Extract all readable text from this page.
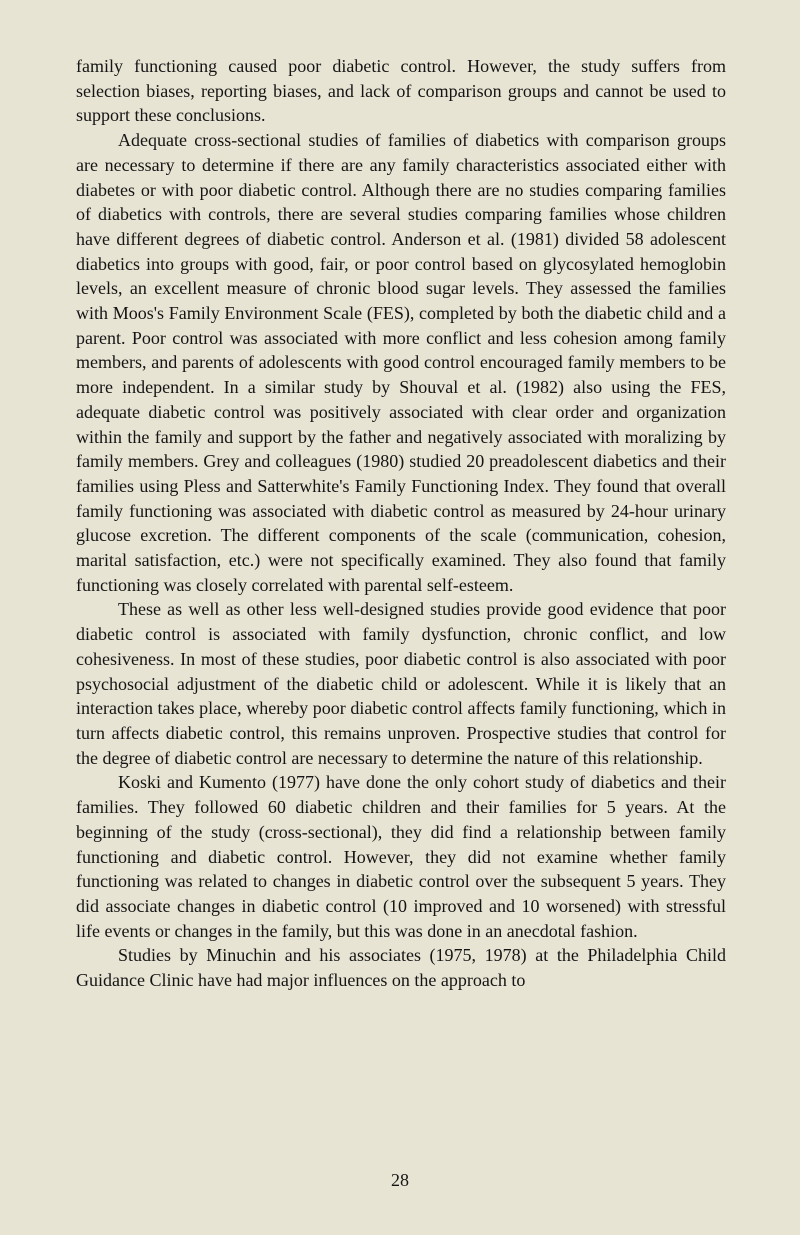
family functioning caused poor diabetic control. However, the study suffers from selection biases, reporting biases, and lack of comparison groups and cannot be used to support these conclusions.

Adequate cross-sectional studies of families of diabetics with comparison groups are necessary to determine if there are any family characteristics associated either with diabetes or with poor diabetic control. Although there are no studies comparing families of diabetics with controls, there are several studies comparing families whose children have different degrees of diabetic control. Anderson et al. (1981) divided 58 adolescent diabetics into groups with good, fair, or poor control based on glycosylated hemoglobin levels, an excellent measure of chronic blood sugar levels. They assessed the families with Moos's Family Environment Scale (FES), completed by both the diabetic child and a parent. Poor control was associated with more conflict and less cohesion among family members, and parents of adolescents with good control encouraged family members to be more independent. In a similar study by Shouval et al. (1982) also using the FES, adequate diabetic control was positively associated with clear order and organization within the family and support by the father and negatively associated with moralizing by family members. Grey and colleagues (1980) studied 20 preadolescent diabetics and their families using Pless and Satterwhite's Family Functioning Index. They found that overall family functioning was associated with diabetic control as measured by 24-hour urinary glucose excretion. The different components of the scale (communication, cohesion, marital satisfaction, etc.) were not specifically examined. They also found that family functioning was closely correlated with parental self-esteem.

These as well as other less well-designed studies provide good evidence that poor diabetic control is associated with family dysfunction, chronic conflict, and low cohesiveness. In most of these studies, poor diabetic control is also associated with poor psychosocial adjustment of the diabetic child or adolescent. While it is likely that an interaction takes place, whereby poor diabetic control affects family functioning, which in turn affects diabetic control, this remains unproven. Prospective studies that control for the degree of diabetic control are necessary to determine the nature of this relationship.

Koski and Kumento (1977) have done the only cohort study of diabetics and their families. They followed 60 diabetic children and their families for 5 years. At the beginning of the study (cross-sectional), they did find a relationship between family functioning and diabetic control. However, they did not examine whether family functioning was related to changes in diabetic control over the subsequent 5 years. They did associate changes in diabetic control (10 improved and 10 worsened) with stressful life events or changes in the family, but this was done in an anecdotal fashion.

Studies by Minuchin and his associates (1975, 1978) at the Philadelphia Child Guidance Clinic have had major influences on the approach to

28
